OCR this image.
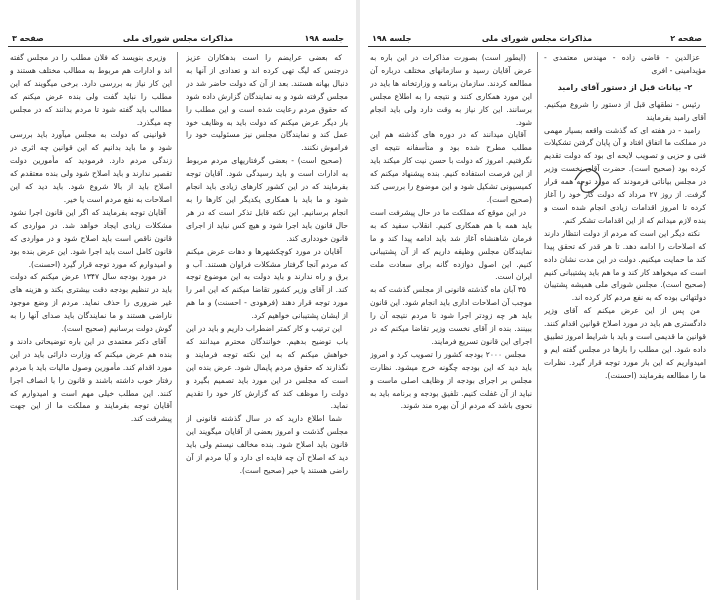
جلسه ۱۹۸
مذاکرات مجلس شورای ملی
صفحه ۳

که بعضی عرایضم را است بدهکاران عزیز درجنس که لیگ تهی کرده اند و تعدادی از آنها به دنبال بهانه هستند. بعد از آن که دولت حاضر شد در مجلس گرفته شود و به نمایندگان گزارش داده شود که حقوق مردم رعایت شده است و این مطلب را بار دیگر عرض میکنم که دولت باید به وظایف خود عمل کند و نمایندگان مجلس نیز مسئولیت خود را فراموش نکنند.

(صحیح است) - بعضی گرفتاریهای مردم مربوط به ادارات است و باید رسیدگی شود. آقایان توجه بفرمایند که در این کشور کارهای زیادی باید انجام شود و ما باید با همکاری یکدیگر این کارها را به انجام برسانیم. این نکته قابل تذکر است که در هر حال قانون باید اجرا شود و هیچ کس نباید از اجرای قانون خودداری کند.

آقایان در مورد کوچکشهرها و دهات عرض میکنم که مردم آنجا گرفتار مشکلات فراوان هستند. آب و برق و راه ندارند و باید دولت به این موضوع توجه کند. از آقای وزیر کشور تقاضا میکنم که این امر را مورد توجه قرار دهند (فرهودی - احسنت) و ما هم از ایشان پشتیبانی خواهیم کرد.

این ترتیب و کار کمتر اضطراب داریم و باید در این باب توضیح بدهیم. خوانندگان محترم میدانند که خواهش میکنم که به این نکته توجه فرمایند و نگذارند که حقوق مردم پایمال شود. عرض بنده این است که مجلس در این مورد باید تصمیم بگیرد و دولت را موظف کند که گزارش کار خود را تقدیم نماید.

شما اطلاع دارید که در سال گذشته قانونی از مجلس گذشت و امروز بعضی از آقایان میگویند این قانون باید اصلاح شود. بنده مخالف نیستم ولی باید دید که اصلاح آن چه فایده ای دارد و آیا مردم از آن راضی هستند یا خیر (صحیح است).

وزیری بنویسد که فلان مطلب را در مجلس گفته اند و ادارات هم مربوط به مطالب مختلف هستند و این کار نیاز به بررسی دارد. برخی میگویند که این مطلب را نباید گفت ولی بنده عرض میکنم که مطالب باید گفته شود تا مردم بدانند که در مجلس چه میگذرد.

قوانینی که دولت به مجلس میآورد باید بررسی شود و ما باید بدانیم که این قوانین چه اثری در زندگی مردم دارد. فرمودید که مأمورین دولت تقصیر ندارند و باید اصلاح شود ولی بنده معتقدم که اصلاح باید از بالا شروع شود. باید دید که این اصلاحات به نفع مردم است یا خیر.

آقایان توجه بفرمایند که اگر این قانون اجرا نشود مشکلات زیادی ایجاد خواهد شد. در مواردی که قانون ناقص است باید اصلاح شود و در مواردی که قانون کامل است باید اجرا شود. این عرض بنده بود و امیدوارم که مورد توجه قرار گیرد (احسنت).

در مورد بودجه سال ۱۳۴۷ عرض میکنم که دولت باید در تنظیم بودجه دقت بیشتری بکند و هزینه های غیر ضروری را حذف نماید. مردم از وضع موجود ناراضی هستند و ما نمایندگان باید صدای آنها را به گوش دولت برسانیم (صحیح است).

آقای دکتر معتمدی در این باره توضیحاتی دادند و بنده هم عرض میکنم که وزارت دارائی باید در این مورد اقدام کند. مأمورین وصول مالیات باید با مردم رفتار خوب داشته باشند و قانون را با انصاف اجرا کنند. این مطلب خیلی مهم است و امیدوارم که آقایان توجه بفرمایند و مملکت ما از این جهت پیشرفت کند.

صفحه ۲
مذاکرات مجلس شورای ملی
جلسه ۱۹۸

عزالدین - قاضی زاده - مهندس معتمدی - مؤیدامینی - افری

۲- بیانات قبل از دستور آقای رامبد

رئیس - نطقهای قبل از دستور را شروع میکنیم. آقای رامبد بفرمایند

رامبد - در هفته ای که گذشت واقعه بسیار مهمی در مملکت ما اتفاق افتاد و آن پایان گرفتن تشکیلات فنی و حزبی و تصویب لایحه ای بود که دولت تقدیم کرده بود (صحیح است). حضرت آقای نخست وزیر در مجلس بیاناتی فرمودند که مورد توجه همه قرار گرفت. از روز ۲۷ مرداد که دولت کار خود را آغاز کرده تا امروز اقدامات زیادی انجام شده است و بنده لازم میدانم که از این اقدامات تشکر کنم.

نکته دیگر این است که مردم از دولت انتظار دارند که اصلاحات را ادامه دهد. تا هر قدر که تحقق پیدا کند ما حمایت میکنیم. دولت در این مدت نشان داده است که میخواهد کار کند و ما هم باید پشتیبانی کنیم (صحیح است). مجلس شورای ملی همیشه پشتیبان دولتهائی بوده که به نفع مردم کار کرده اند.

من پس از این عرض میکنم که آقای وزیر دادگستری هم باید در مورد اصلاح قوانین اقدام کنند. قوانین ما قدیمی است و باید با شرایط امروز تطبیق داده شود. این مطلب را بارها در مجلس گفته ایم و امیدواریم که این بار مورد توجه قرار گیرد. نظرات ما را مطالعه بفرمایند (احسنت).

(ایطور است) بصورت مذاکرات در این باره به عرض آقایان رسید و سازمانهای مختلف درباره آن مطالعه کردند. سازمان برنامه و وزارتخانه ها باید در این مورد همکاری کنند و نتیجه را به اطلاع مجلس برسانند. این کار نیاز به وقت دارد ولی باید انجام شود.

آقایان میدانند که در دوره های گذشته هم این مطلب مطرح شده بود و متأسفانه نتیجه ای نگرفتیم. امروز که دولت با حسن نیت کار میکند باید از این فرصت استفاده کنیم. بنده پیشنهاد میکنم که کمیسیونی تشکیل شود و این موضوع را بررسی کند (صحیح است).

در این موقع که مملکت ما در حال پیشرفت است باید همه با هم همکاری کنیم. انقلاب سفید که به فرمان شاهنشاه آغاز شد باید ادامه پیدا کند و ما نمایندگان مجلس وظیفه داریم که از آن پشتیبانی کنیم. این اصول دوازده گانه برای سعادت ملت ایران است.

۳۵ آبان ماه گذشته قانونی از مجلس گذشت که به موجب آن اصلاحات اداری باید انجام شود. این قانون باید هر چه زودتر اجرا شود تا مردم نتیجه آن را ببینند. بنده از آقای نخست وزیر تقاضا میکنم که در اجرای این قانون تسریع فرمایند.

مجلس ۲۰۰۰ بودجه کشور را تصویب کرد و امروز باید دید که این بودجه چگونه خرج میشود. نظارت مجلس بر اجرای بودجه از وظایف اصلی ماست و نباید از آن غفلت کنیم. تلفیق بودجه و برنامه باید به نحوی باشد که مردم از آن بهره مند شوند.
